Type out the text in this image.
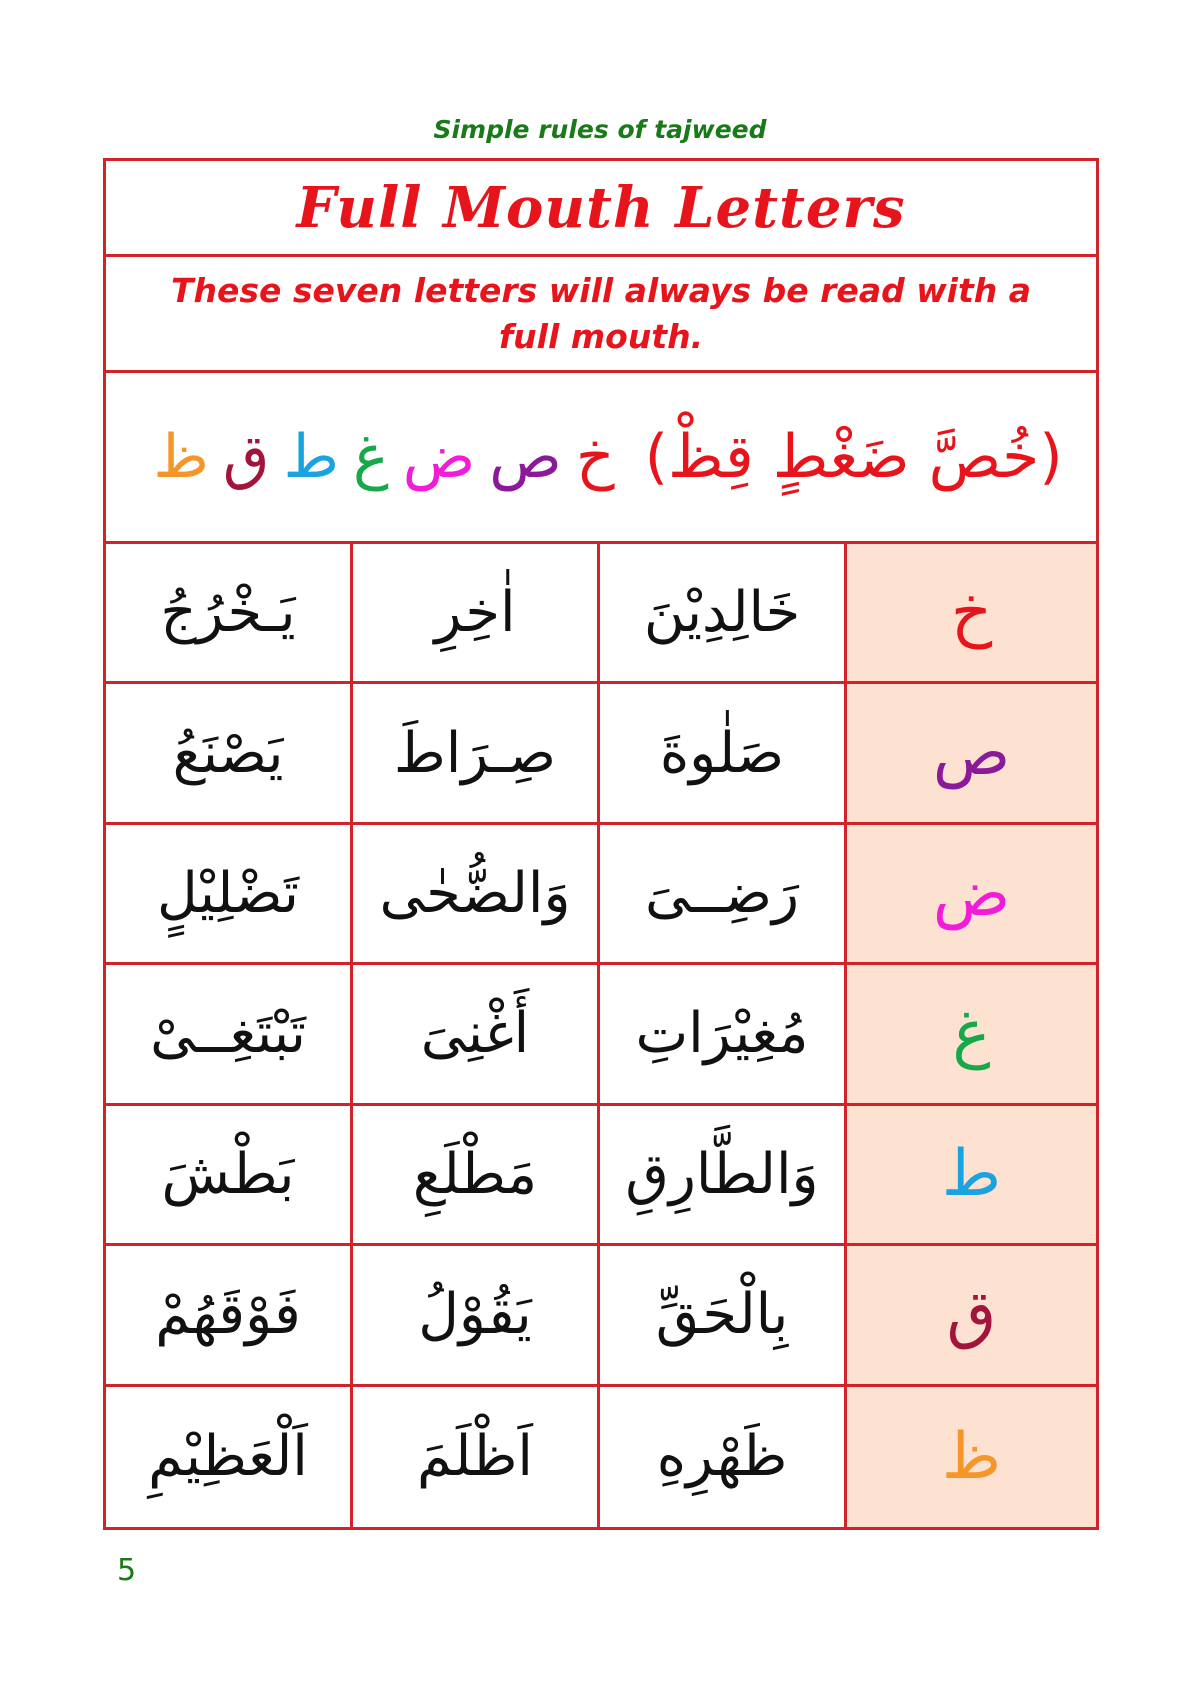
Simple rules of tajweed
Full Mouth Letters
These seven letters will always be read with a full mouth.
(خُصَّ ضَغْطٍ قِظْ)
خ
ص
ض
غ
ط
ق
ظ
يَـخْرُجُ	اٰخِرِ	خَالِدِيْنَ	خ
يَصْنَعُ	صِـرَاطَ	صَلٰوةَ	ص
تَضْلِيْلٍ	وَالضُّحٰى	رَضِــىَ	ض
تَبْتَغِــىْ	أَغْنِىَ	مُغِيْرَاتِ	غ
بَطْشَ	مَطْلَعِ	وَالطَّارِقِ	ط
فَوْقَهُمْ	يَقُوْلُ	بِالْحَقِّ	ق
اَلْعَظِيْمِ	اَظْلَمَ	ظَهْرِهِ	ظ
5
